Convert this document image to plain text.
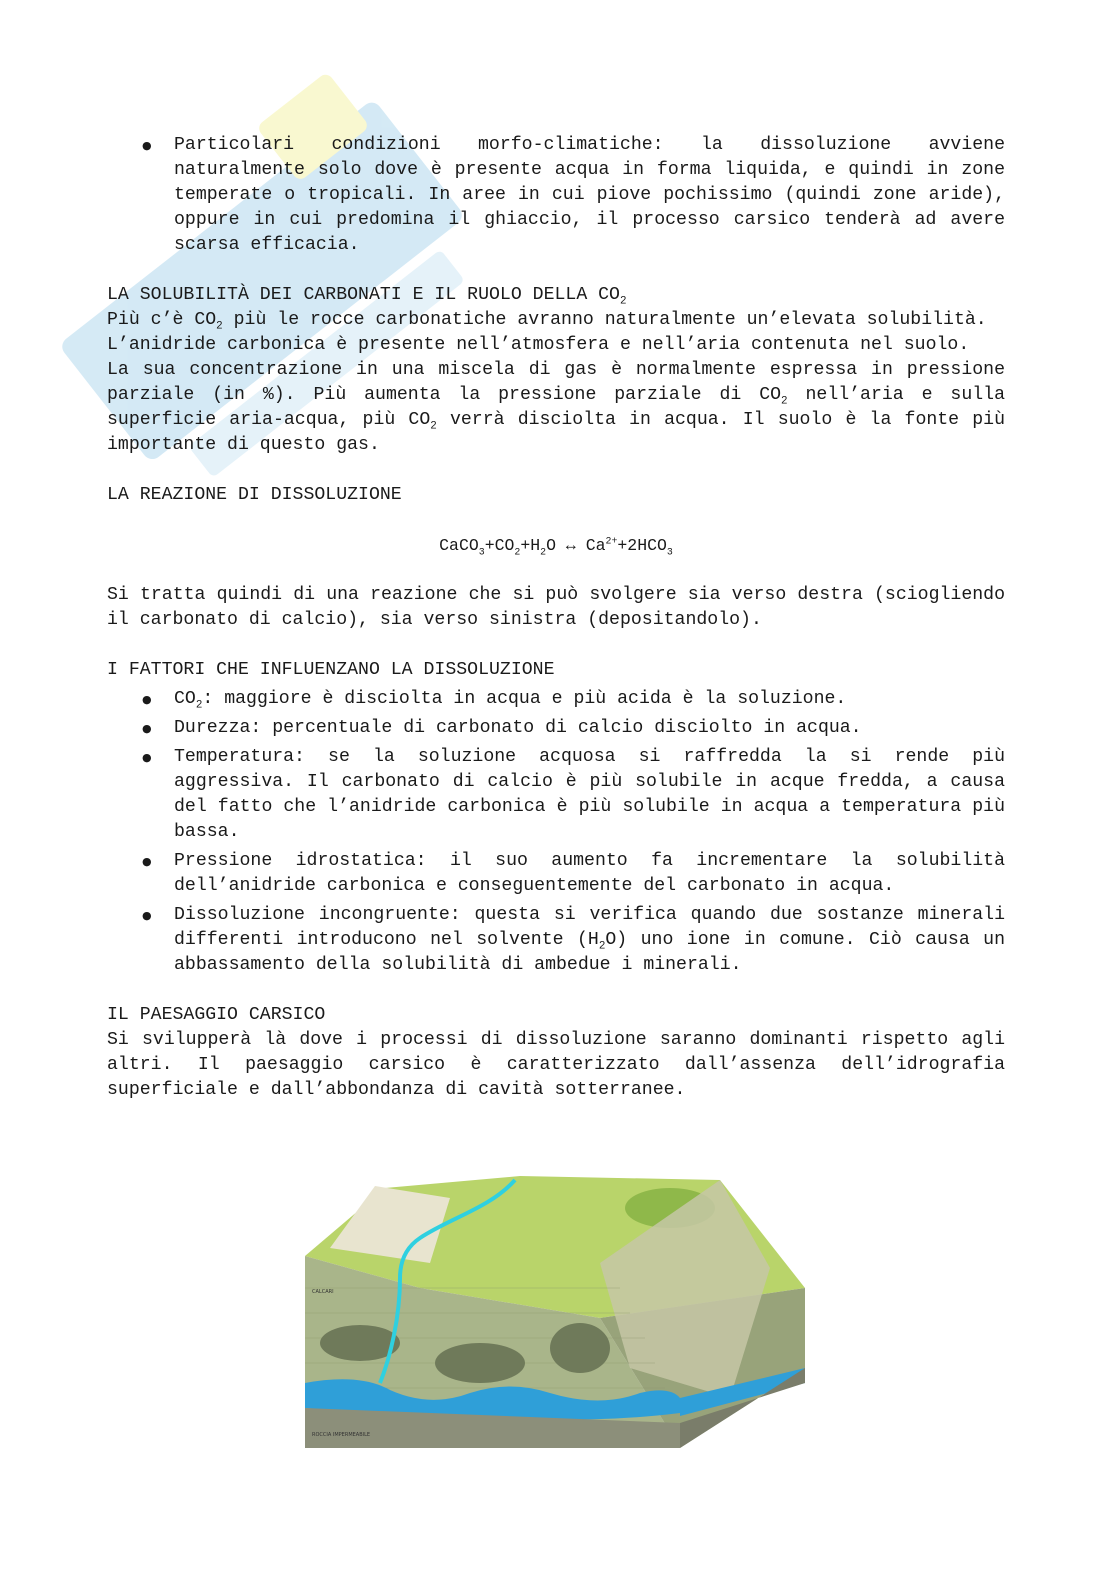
● Particolari condizioni morfo-climatiche: la dissoluzione avviene naturalmente solo dove è presente acqua in forma liquida, e quindi in zone temperate o tropicali. In aree in cui piove pochissimo (quindi zone aride), oppure in cui predomina il ghiaccio, il processo carsico tenderà ad avere scarsa efficacia.

LA SOLUBILITÀ DEI CARBONATI E IL RUOLO DELLA $CO_2$

Più c’è $CO_2$ più le rocce carbonatiche avranno naturalmente un’elevata solubilità.

L’anidride carbonica è presente nell’atmosfera e nell’aria contenuta nel suolo.

La sua concentrazione in una miscela di gas è normalmente espressa in pressione parziale (in %). Più aumenta la pressione parziale di $CO_2$ nell’aria e sulla superficie aria-acqua, più $CO_2$ verrà disciolta in acqua. Il suolo è la fonte più importante di questo gas.

LA REAZIONE DI DISSOLUZIONE

$CaCO_3+CO_2+H_2O$ ↔ $Ca^{2+}+2HCO_3$

Si tratta quindi di una reazione che si può svolgere sia verso destra (sciogliendo il carbonato di calcio), sia verso sinistra (depositandolo).

I FATTORI CHE INFLUENZANO LA DISSOLUZIONE

● $CO_2$: maggiore è disciolta in acqua e più acida è la soluzione.
● Durezza: percentuale di carbonato di calcio disciolto in acqua.
● Temperatura: se la soluzione acquosa si raffredda la si rende più aggressiva. Il carbonato di calcio è più solubile in acque fredda, a causa del fatto che l’anidride carbonica è più solubile in acqua a temperatura più bassa.
● Pressione idrostatica: il suo aumento fa incrementare la solubilità dell’anidride carbonica e conseguentemente del carbonato in acqua.
● Dissoluzione incongruente: questa si verifica quando due sostanze minerali differenti introducono nel solvente $(H_2O)$ uno ione in comune. Ciò causa un abbassamento della solubilità di ambedue i minerali.

IL PAESAGGIO CARSICO

Si svilupperà là dove i processi di dissoluzione saranno dominanti rispetto agli altri. Il paesaggio carsico è caratterizzato dall’assenza dell’idrografia superficiale e dall’abbondanza di cavità sotterranee.

CALCARI
ROCCIA IMPERMEABILE
